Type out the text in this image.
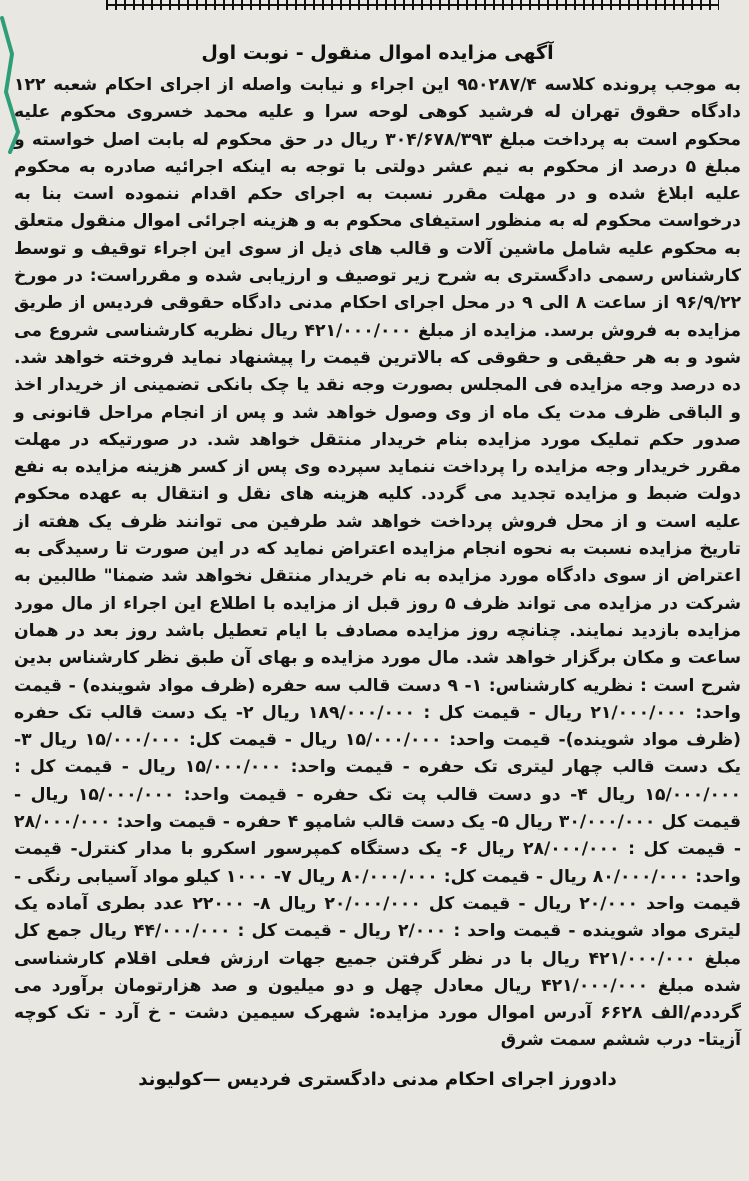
آگهی مزایده اموال منقول - نوبت اول
به موجب پرونده کلاسه ۹۵۰۲۸۷/۴ این اجراء و نیابت واصله از اجرای احکام شعبه ۱۲۲ دادگاه حقوق تهران له فرشید کوهی لوحه سرا و علیه محمد خسروی محکوم علیه محکوم است به پرداخت مبلغ ۳۰۴/۶۷۸/۳۹۳ ریال در حق محکوم له بابت اصل خواسته و مبلغ ۵ درصد از محکوم به نیم عشر دولتی با توجه به اینکه اجرائیه صادره به محکوم علیه ابلاغ شده و در مهلت مقرر نسبت به اجرای حکم اقدام ننموده است بنا به درخواست محکوم له به منظور استیفای محکوم به و هزینه اجرائی اموال منقول متعلق به محکوم علیه شامل ماشین آلات و قالب های ذیل از سوی این اجراء توقیف و توسط کارشناس رسمی دادگستری به شرح زیر توصیف و ارزیابی شده و مقرراست: در مورخ ۹۶/۹/۲۲ از ساعت ۸ الی ۹ در محل اجرای احکام مدنی دادگاه حقوقی فردیس از طریق مزایده به فروش برسد. مزایده از مبلغ ۴۲۱/۰۰۰/۰۰۰ ریال نظریه کارشناسی شروع می شود و به هر حقیقی و حقوقی که بالاترین قیمت را پیشنهاد نماید فروخته خواهد شد. ده درصد وجه مزایده فی المجلس بصورت وجه نقد یا چک بانکی تضمینی از خریدار اخذ و الباقی ظرف مدت یک ماه از وی وصول خواهد شد و پس از انجام مراحل قانونی و صدور حکم تملیک مورد مزایده بنام خریدار منتقل خواهد شد. در صورتیکه در مهلت مقرر خریدار وجه مزایده را پرداخت ننماید سپرده وی پس از کسر هزینه مزایده به نفع دولت ضبط و مزایده تجدید می گردد. کلیه هزینه های نقل و انتقال به عهده محکوم علیه است و از محل فروش پرداخت خواهد شد طرفین می توانند ظرف یک هفته از تاریخ مزایده نسبت به نحوه انجام مزایده اعتراض نماید که در این صورت تا رسیدگی به اعتراض از سوی دادگاه مورد مزایده به نام خریدار منتقل نخواهد شد ضمنا" طالبین به شرکت در مزایده می تواند ظرف ۵ روز قبل از مزایده با اطلاع این اجراء از مال مورد مزایده بازدید نمایند. چنانچه روز مزایده مصادف با ایام تعطیل باشد روز بعد در همان ساعت و مکان برگزار خواهد شد. مال مورد مزایده و بهای آن طبق نظر کارشناس بدین شرح است : نظریه کارشناس: ۱- ۹ دست قالب سه حفره (ظرف مواد شوینده) - قیمت واحد: ۲۱/۰۰۰/۰۰۰ ریال - قیمت کل : ۱۸۹/۰۰۰/۰۰۰ ریال ۲- یک دست قالب تک حفره (ظرف مواد شوینده)- قیمت واحد: ۱۵/۰۰۰/۰۰۰ ریال - قیمت کل: ۱۵/۰۰۰/۰۰۰ ریال ۳- یک دست قالب چهار لیتری تک حفره - قیمت واحد: ۱۵/۰۰۰/۰۰۰ ریال - قیمت کل : ۱۵/۰۰۰/۰۰۰ ریال ۴- دو دست قالب پت تک حفره - قیمت واحد: ۱۵/۰۰۰/۰۰۰ ریال - قیمت کل ۳۰/۰۰۰/۰۰۰ ریال ۵- یک دست قالب شامپو ۴ حفره - قیمت واحد: ۲۸/۰۰۰/۰۰۰ - قیمت کل : ۲۸/۰۰۰/۰۰۰ ریال ۶- یک دستگاه کمپرسور اسکرو با مدار کنترل- قیمت واحد: ۸۰/۰۰۰/۰۰۰ ریال - قیمت کل: ۸۰/۰۰۰/۰۰۰ ریال ۷- ۱۰۰۰ کیلو مواد آسیابی رنگی - قیمت واحد ۲۰/۰۰۰ ریال - قیمت کل ۲۰/۰۰۰/۰۰۰ ریال ۸- ۲۲۰۰۰ عدد بطری آماده یک لیتری مواد شوینده - قیمت واحد : ۲/۰۰۰ ریال - قیمت کل : ۴۴/۰۰۰/۰۰۰ ریال جمع کل مبلغ ۴۲۱/۰۰۰/۰۰۰ ریال با در نظر گرفتن جمیع جهات ارزش فعلی اقلام کارشناسی شده مبلغ ۴۲۱/۰۰۰/۰۰۰ ریال معادل چهل و دو میلیون و صد هزارتومان برآورد می گرددم/الف ۶۶۲۸ آدرس اموال مورد مزایده: شهرک سیمین دشت - خ آرد - تک کوچه آزیتا- درب ششم سمت شرق
دادورز اجرای احکام مدنی دادگستری فردیس —کولیوند
